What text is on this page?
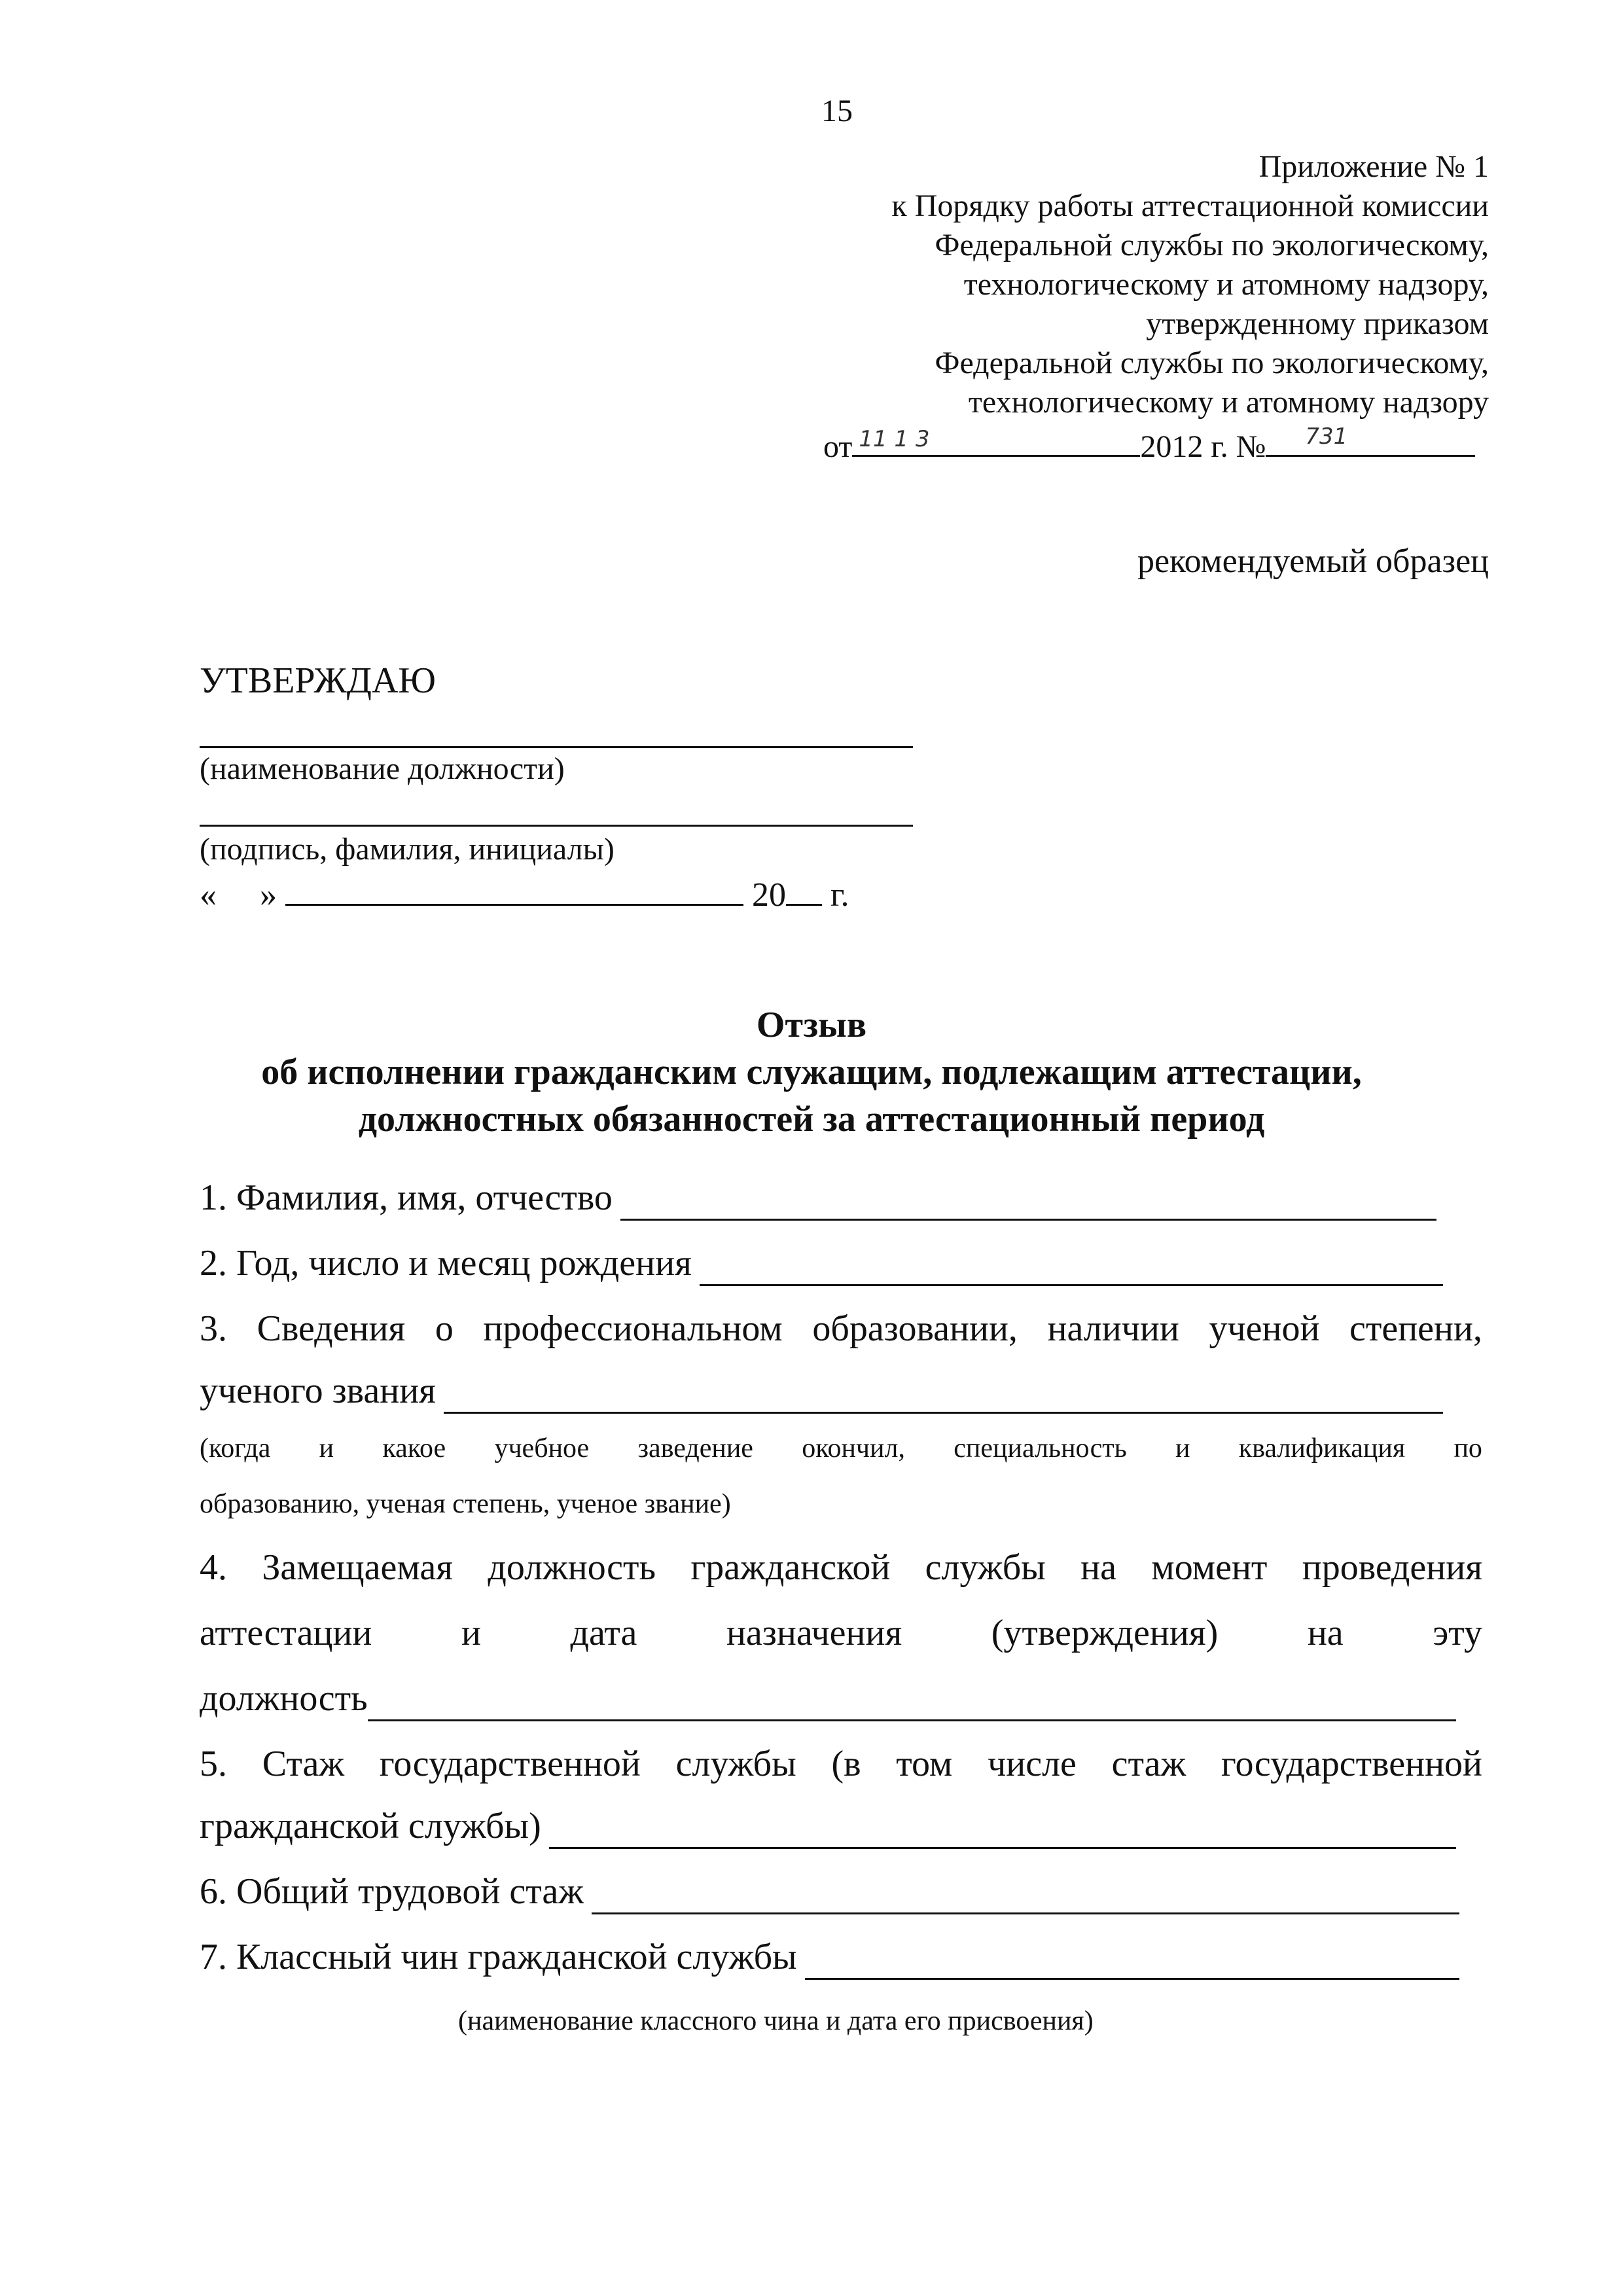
15
Приложение № 1
к Порядку работы аттестационной комиссии
Федеральной службы по экологическому,
технологическому и атомному надзору,
утвержденному приказом
Федеральной службы по экологическому,
технологическому и атомному надзору
от 11 1 3	2012 г. № 731
рекомендуемый образец
УТВЕРЖДАЮ
(наименование должности)
(подпись, фамилия, инициалы)
« »	20 г.
Отзыв
об исполнении гражданским служащим, подлежащим аттестации,
должностных обязанностей за аттестационный период
1. Фамилия, имя, отчество
2. Год, число и месяц рождения
3. Сведения о профессиональном образовании, наличии ученой степени,
ученого звания
(когда и какое учебное заведение окончил, специальность и квалификация по
образованию, ученая степень, ученое звание)
4. Замещаемая должность гражданской службы на момент проведения
аттестации и дата назначения (утверждения) на эту
должность
5. Стаж государственной службы (в том числе стаж государственной
гражданской службы)
6. Общий трудовой стаж
7. Классный чин гражданской службы
(наименование классного чина и дата его присвоения)
